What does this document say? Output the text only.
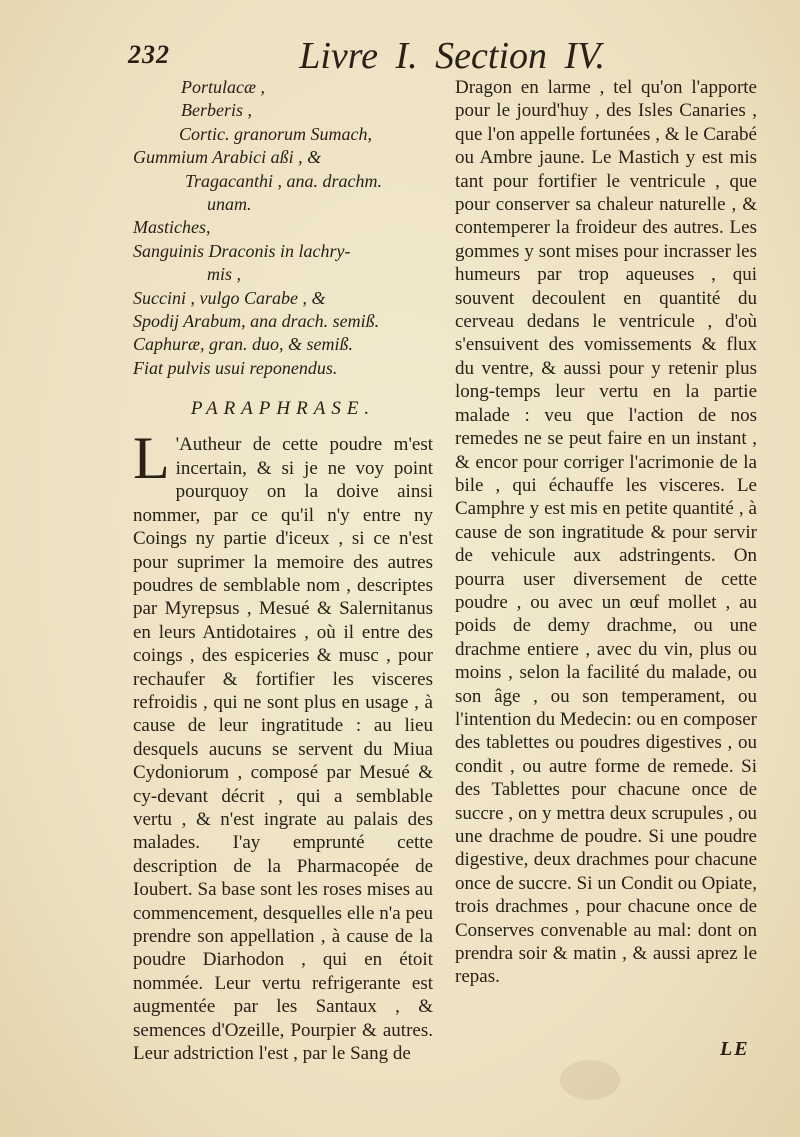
232	Livre I. Section IV.
Portulacæ ,
Berberis ,
Cortic. granorum Sumach,
Gummium Arabici aßi , &
Tragacanthi , ana. drachm.
unam.
Mastiches,
Sanguinis Draconis in lachry-
mis ,
Succini , vulgo Carabe , &
Spodij Arabum, ana drach. semiß.
Caphuræ, gran. duo, & semiß.
Fiat pulvis usui reponendus.
PARAPHRASE.

L 'Autheur de cette poudre m'est incertain, & si je ne voy point pourquoy on la doive ainsi nommer, par ce qu'il n'y entre ny Coings ny partie d'iceux , si ce n'est pour suprimer la memoire des autres poudres de semblable nom , descriptes par Myrepsus , Mesué & Salernitanus en leurs Antidotaires , où il entre des coings , des espiceries & musc , pour rechaufer & fortifier les visceres refroidis , qui ne sont plus en usage , à cause de leur ingratitude : au lieu desquels aucuns se servent du Miua Cydoniorum , composé par Mesué & cy-devant décrit , qui a semblable vertu , & n'est ingrate au palais des malades. I'ay emprunté cette description de la Pharmacopée de Ioubert. Sa base sont les roses mises au commencement, desquelles elle n'a peu prendre son appellation , à cause de la poudre Diarhodon , qui en étoit nommée. Leur vertu refrigerante est augmentée par les Santaux , & semences d'Ozeille, Pourpier & autres. Leur adstriction l'est , par le Sang de

Dragon en larme , tel qu'on l'apporte pour le jourd'huy , des Isles Canaries , que l'on appelle fortunées , & le Carabé ou Ambre jaune. Le Mastich y est mis tant pour fortifier le ventricule , que pour conserver sa chaleur naturelle , & contemperer la froideur des autres. Les gommes y sont mises pour incrasser les humeurs par trop aqueuses , qui souvent decoulent en quantité du cerveau dedans le ventricule , d'où s'ensuivent des vomissements & flux du ventre, & aussi pour y retenir plus long-temps leur vertu en la partie malade : veu que l'action de nos remedes ne se peut faire en un instant , & encor pour corriger l'acrimonie de la bile , qui échauffe les visceres. Le Camphre y est mis en petite quantité , à cause de son ingratitude & pour servir de vehicule aux adstringents. On pourra user diversement de cette poudre , ou avec un œuf mollet , au poids de demy drachme, ou une drachme entiere , avec du vin, plus ou moins , selon la facilité du malade, ou son âge , ou son temperament, ou l'intention du Medecin: ou en composer des tablettes ou poudres digestives , ou condit , ou autre forme de remede. Si des Tablettes pour chacune once de succre , on y mettra deux scrupules , ou une drachme de poudre. Si une poudre digestive, deux drachmes pour chacune once de succre. Si un Condit ou Opiate, trois drachmes , pour chacune once de Conserves convenable au mal: dont on prendra soir & matin , & aussi aprez le repas.

LE
